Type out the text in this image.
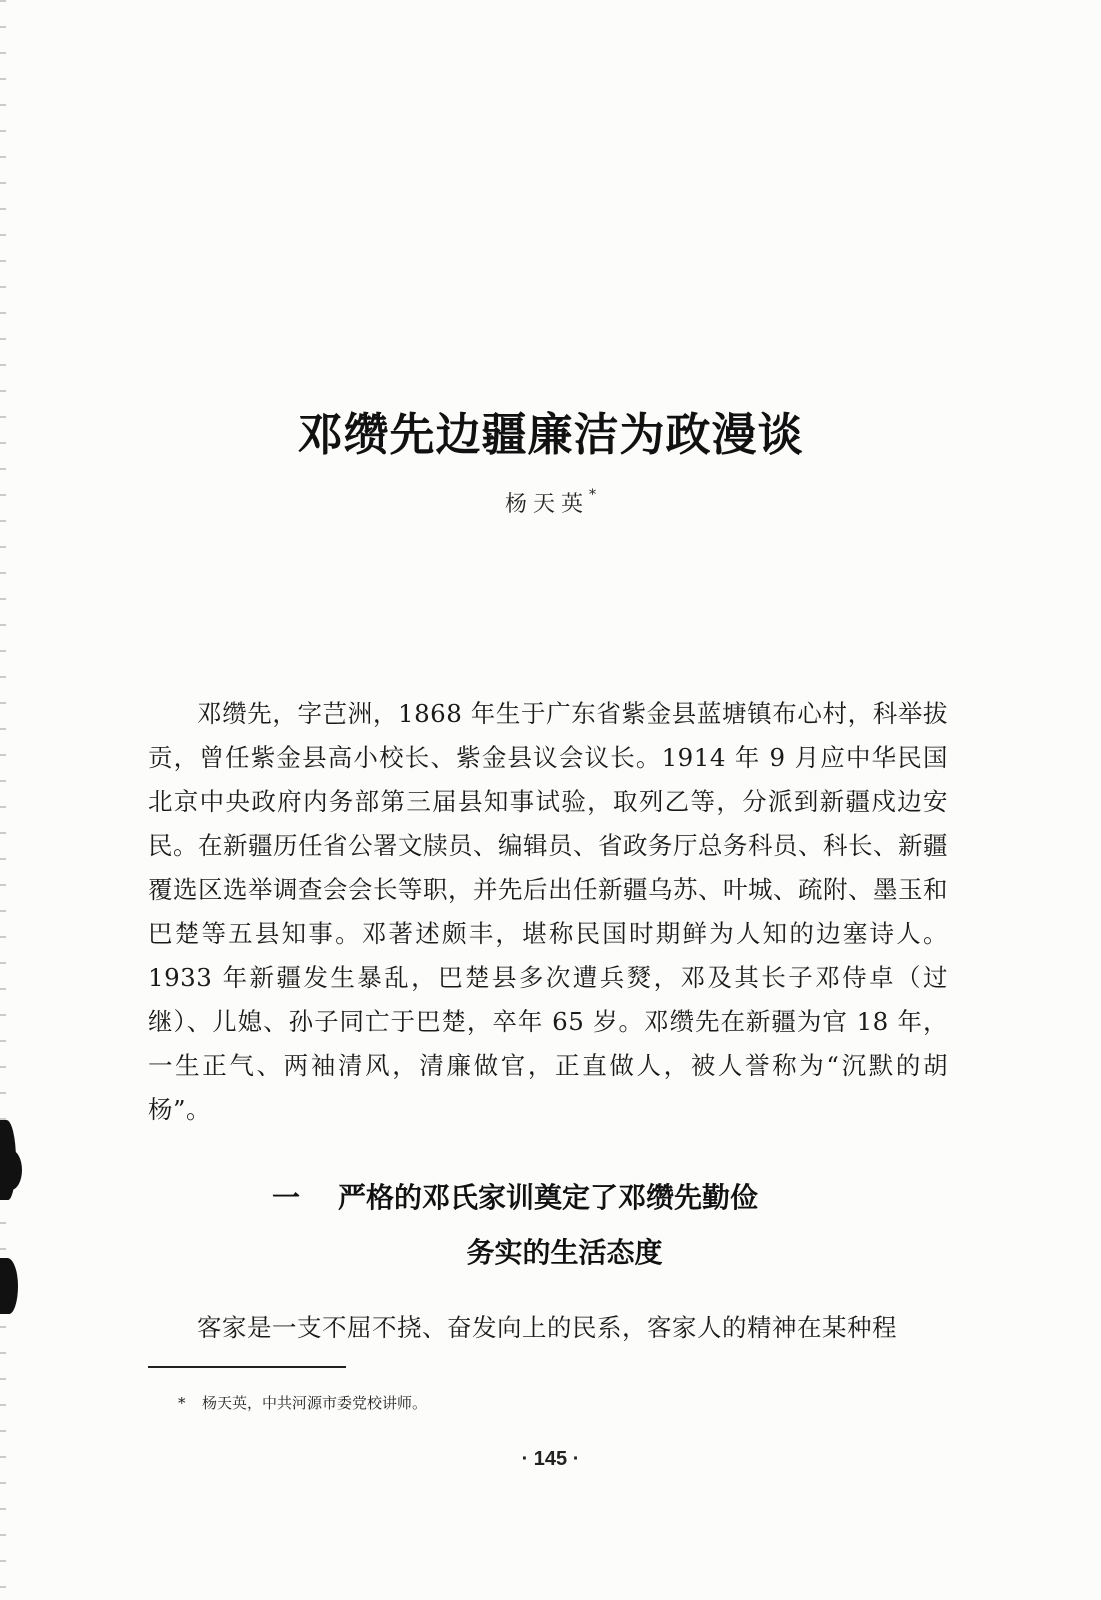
邓缵先边疆廉洁为政漫谈

杨天英*

邓缵先，字芑洲，1868 年生于广东省紫金县蓝塘镇布心村，科举拔贡，曾任紫金县高小校长、紫金县议会议长。1914 年 9 月应中华民国北京中央政府内务部第三届县知事试验，取列乙等，分派到新疆戍边安民。在新疆历任省公署文牍员、编辑员、省政务厅总务科员、科长、新疆覆选区选举调查会会长等职，并先后出任新疆乌苏、叶城、疏附、墨玉和巴楚等五县知事。邓著述颇丰，堪称民国时期鲜为人知的边塞诗人。1933 年新疆发生暴乱，巴楚县多次遭兵燹，邓及其长子邓侍卓（过继）、儿媳、孙子同亡于巴楚，卒年 65 岁。邓缵先在新疆为官 18 年，一生正气、两袖清风，清廉做官，正直做人，被人誉称为“沉默的胡杨”。

一 严格的邓氏家训奠定了邓缵先勤俭
务实的生活态度

客家是一支不屈不挠、奋发向上的民系，客家人的精神在某种程

* 杨天英，中共河源市委党校讲师。

· 145 ·
